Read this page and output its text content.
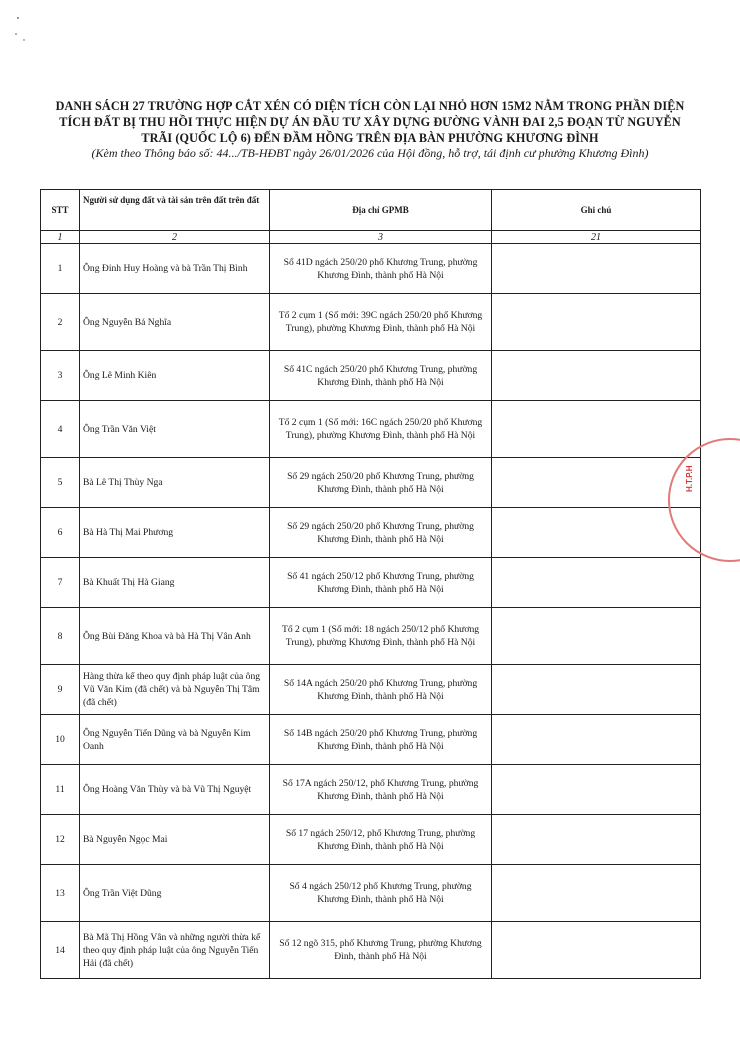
DANH SÁCH 27 TRƯỜNG HỢP CẮT XÉN CÓ DIỆN TÍCH CÒN LẠI NHỎ HƠN 15M2 NẰM TRONG PHẦN DIỆN
TÍCH ĐẤT BỊ THU HỒI THỰC HIỆN DỰ ÁN ĐẦU TƯ XÂY DỰNG ĐƯỜNG VÀNH ĐAI 2,5 ĐOẠN TỪ NGUYỄN
TRÃI (QUỐC LỘ 6) ĐẾN ĐẦM HỒNG TRÊN ĐỊA BÀN PHƯỜNG KHƯƠNG ĐÌNH
(Kèm theo Thông báo số: 44.../TB-HĐBT ngày 26/01/2026 của Hội đồng, hỗ trợ, tái định cư phường Khương Đình)
STT	Người sử dụng đất và tài sản trên đất trên đất	Địa chỉ GPMB	Ghi chú
1	2	3	21
1	Ông Đinh Huy Hoàng và bà Trần Thị Bình	Số 41D ngách 250/20 phố Khương Trung, phường Khương Đình, thành phố Hà Nội	
2	Ông Nguyễn Bá Nghĩa	Tổ 2 cụm 1 (Số mới: 39C ngách 250/20 phố Khương Trung), phường Khương Đình, thành phố Hà Nội	
3	Ông Lê Minh Kiên	Số 41C ngách 250/20 phố Khương Trung, phường Khương Đình, thành phố Hà Nội	
4	Ông Trần Văn Việt	Tổ 2 cụm 1 (Số mới: 16C ngách 250/20 phố Khương Trung), phường Khương Đình, thành phố Hà Nội	
5	Bà Lê Thị Thùy Nga	Số 29 ngách 250/20 phố Khương Trung, phường Khương Đình, thành phố Hà Nội	
6	Bà Hà Thị Mai Phương	Số 29 ngách 250/20 phố Khương Trung, phường Khương Đình, thành phố Hà Nội	
7	Bà Khuất Thị Hà Giang	Số 41 ngách 250/12 phố Khương Trung, phường Khương Đình, thành phố Hà Nội	
8	Ông Bùi Đăng Khoa và bà Hà Thị Vân Anh	Tổ 2 cụm 1 (Số mới: 18 ngách 250/12 phố Khương Trung), phường Khương Đình, thành phố Hà Nội	
9	Hàng thừa kế theo quy định pháp luật của ông Vũ Văn Kim (đã chết) và bà Nguyễn Thị Tâm (đã chết)	Số 14A ngách 250/20 phố Khương Trung, phường Khương Đình, thành phố Hà Nội	
10	Ông Nguyễn Tiến Dũng và bà Nguyễn Kim Oanh	Số 14B ngách 250/20 phố Khương Trung, phường Khương Đình, thành phố Hà Nội	
11	Ông Hoàng Văn Thùy và bà Vũ Thị Nguyệt	Số 17A ngách 250/12, phố Khương Trung, phường Khương Đình, thành phố Hà Nội	
12	Bà Nguyễn Ngọc Mai	Số 17 ngách 250/12, phố Khương Trung, phường Khương Đình, thành phố Hà Nội	
13	Ông Trần Việt Dũng	Số 4 ngách 250/12 phố Khương Trung, phường Khương Đình, thành phố Hà Nội	
14	Bà Mã Thị Hồng Vân và những người thừa kế theo quy định pháp luật của ông Nguyễn Tiến Hải (đã chết)	Số 12 ngõ 315, phố Khương Trung, phường Khương Đình, thành phố Hà Nội	
H.T.P.H
